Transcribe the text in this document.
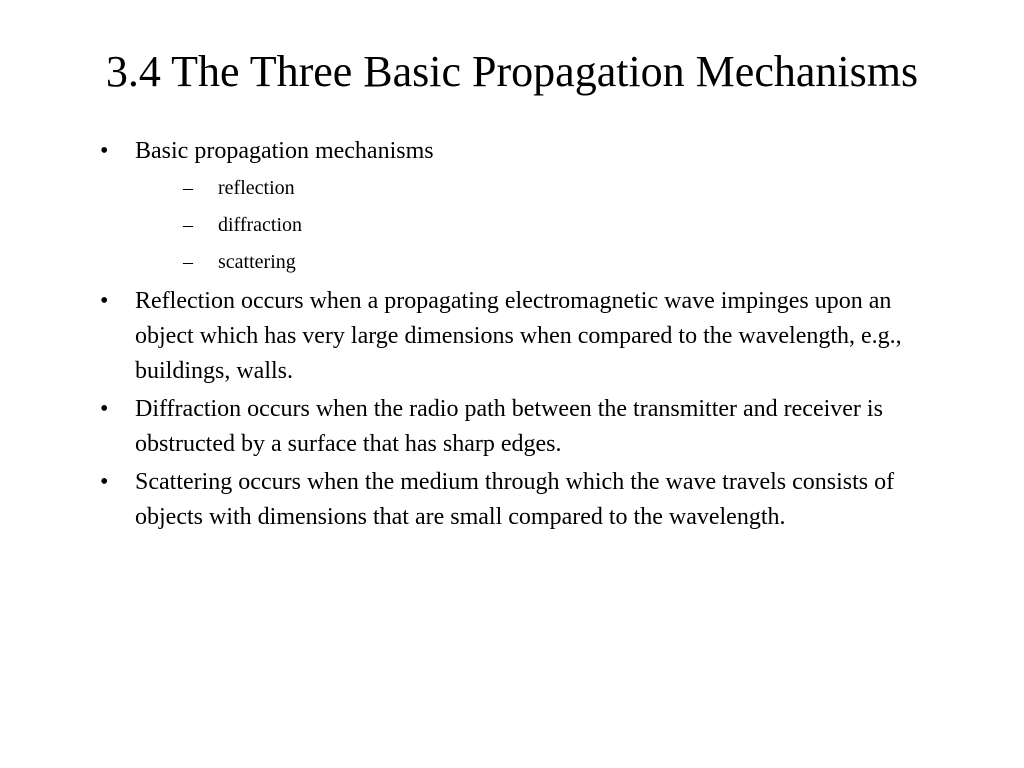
3.4 The Three Basic Propagation Mechanisms
• Basic propagation mechanisms
– reflection
– diffraction
– scattering
• Reflection occurs when a propagating electromagnetic wave impinges upon an object which has very large dimensions when compared to the wavelength, e.g., buildings, walls.
• Diffraction occurs when the radio path between the transmitter and receiver is obstructed by a surface that has sharp edges.
• Scattering occurs when the medium through which the wave travels consists of objects with dimensions that are small compared to the wavelength.
